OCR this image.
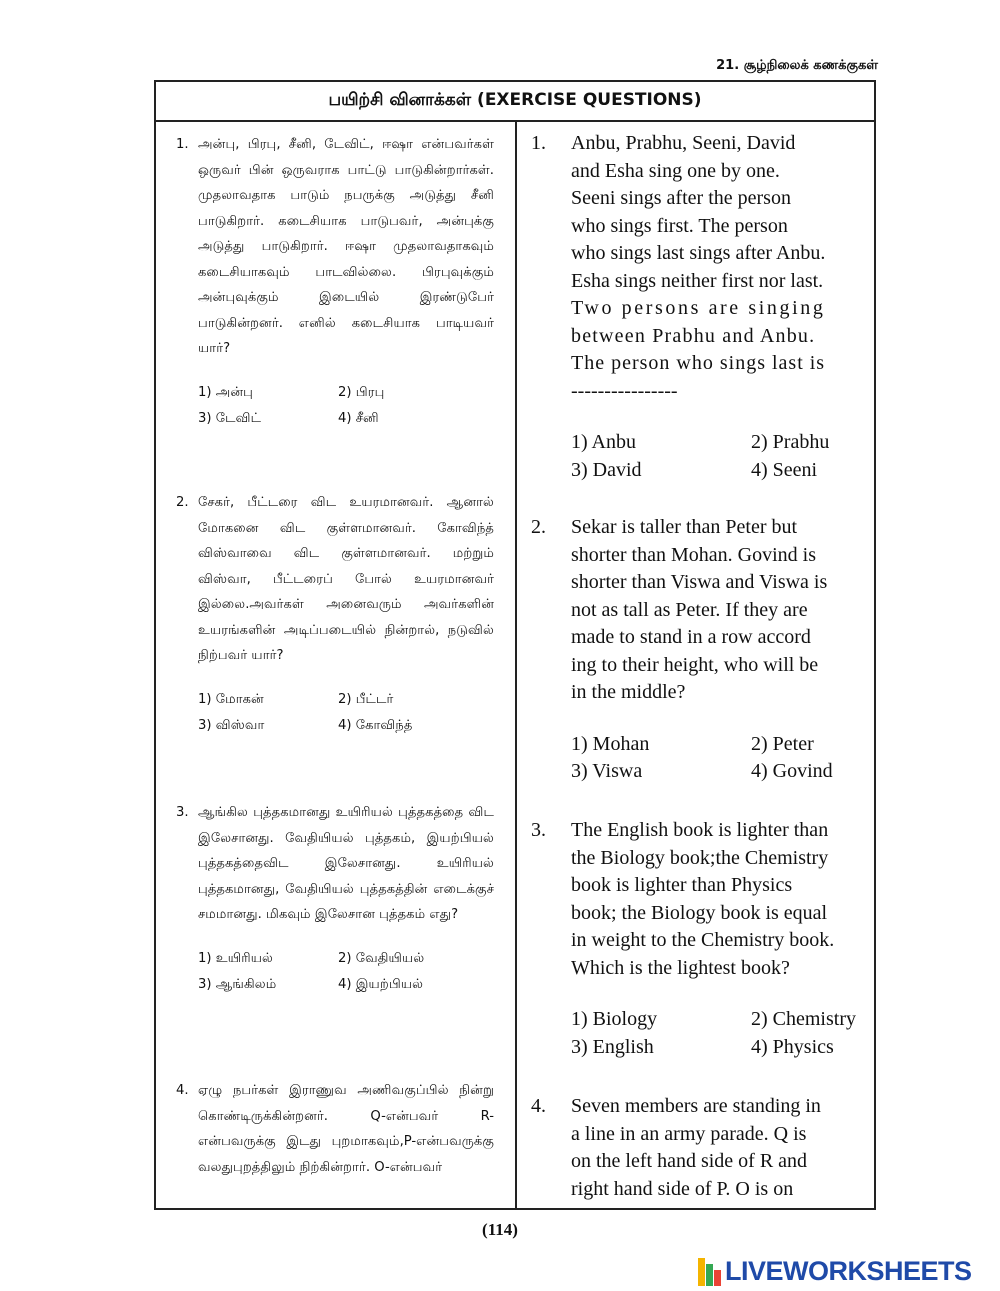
21. சூழ்நிலைக் கணக்குகள்
பயிற்சி வினாக்கள் (EXERCISE QUESTIONS)
1. அன்பு, பிரபு, சீனி, டேவிட், ஈஷா என்பவர்கள் ஒருவர் பின் ஒருவராக பாட்டு பாடுகின்றார்கள். முதலாவதாக பாடும் நபருக்கு அடுத்து சீனி பாடுகிறார். கடைசியாக பாடுபவர், அன்புக்கு அடுத்து பாடுகிறார். ஈஷா முதலாவதாகவும் கடைசியாகவும் பாடவில்லை. பிரபுவுக்கும் அன்புவுக்கும் இடையில் இரண்டுபேர் பாடுகின்றனர். எனில் கடைசியாக பாடியவர் யார்?
1) அன்பு	2) பிரபு
3) டேவிட்	4) சீனி
2. சேகர், பீட்டரை விட உயரமானவர். ஆனால் மோகனை விட குள்ளமானவர். கோவிந்த் விஸ்வாவை விட குள்ளமானவர். மற்றும் விஸ்வா, பீட்டரைப் போல் உயரமானவர் இல்லை.அவர்கள் அனைவரும் அவர்களின் உயரங்களின் அடிப்படையில் நின்றால், நடுவில் நிற்பவர் யார்?
1) மோகன்	2) பீட்டர்
3) விஸ்வா	4) கோவிந்த்
3. ஆங்கில புத்தகமானது உயிரியல் புத்தகத்தை விட இலேசானது. வேதியியல் புத்தகம், இயற்பியல் புத்தகத்தைவிட இலேசானது. உயிரியல் புத்தகமானது, வேதியியல் புத்தகத்தின் எடைக்குச் சமமானது. மிகவும் இலேசான புத்தகம் எது?
1) உயிரியல்	2) வேதியியல்
3) ஆங்கிலம்	4) இயற்பியல்
4. ஏழு நபர்கள் இராணுவ அணிவகுப்பில் நின்று கொண்டிருக்கின்றனர். Q-என்பவர் R-என்பவருக்கு இடது புறமாகவும்,P-என்பவருக்கு வலதுபுறத்திலும் நிற்கின்றார். O-என்பவர்
1. Anbu, Prabhu, Seeni, David
and Esha sing one by one.
Seeni sings after the person
who sings first. The person
who sings last sings after Anbu.
Esha sings neither first nor last.
Two persons are singing
between Prabhu and Anbu.
The person who sings last is
----------------
1) Anbu	2) Prabhu
3) David	4) Seeni
2. Sekar is taller than Peter but
shorter than Mohan. Govind is
shorter than Viswa and Viswa is
not as tall as Peter. If they are
made to stand in a row accord
ing to their height, who will be
in the middle?
1) Mohan	2) Peter
3) Viswa	4) Govind
3. The English book is lighter than
the Biology book;the Chemistry
book is lighter than Physics
book; the Biology book is equal
in weight to the Chemistry book.
Which is the lightest book?
1) Biology	2) Chemistry
3) English	4) Physics
4. Seven members are standing in
a line in an army parade. Q is
on the left hand side of R and
right hand side of P. O is on
(114)
LIVEWORKSHEETS
